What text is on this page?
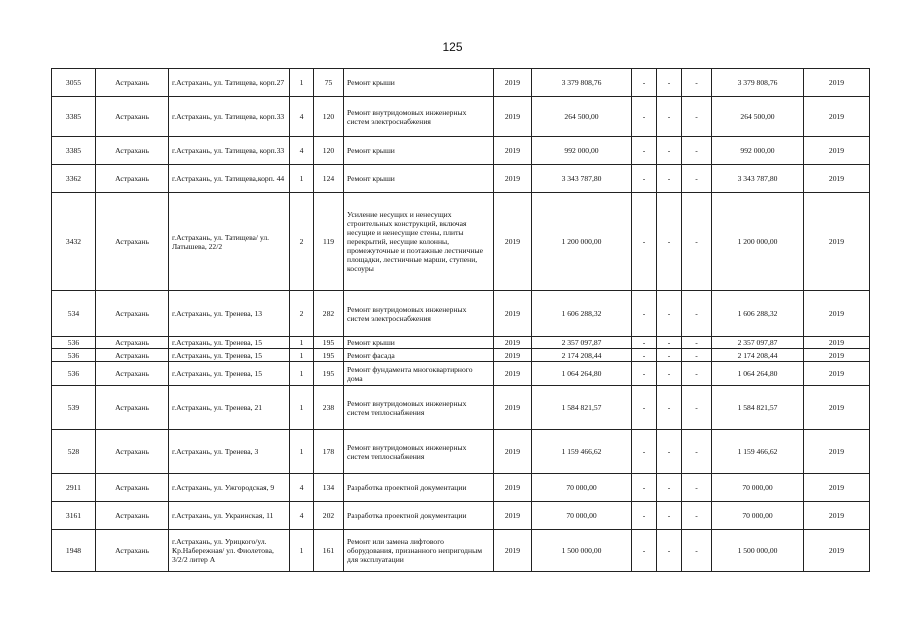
125
3055	Астрахань	г.Астрахань, ул. Татищева, корп.27	1	75	Ремонт крыши	2019	3 379 808,76	-	-	-	3 379 808,76	2019
3385	Астрахань	г.Астрахань, ул. Татищева, корп.33	4	120	Ремонт внутридомовых инженерных систем электроснабжения	2019	264 500,00	-	-	-	264 500,00	2019
3385	Астрахань	г.Астрахань, ул. Татищева, корп.33	4	120	Ремонт крыши	2019	992 000,00	-	-	-	992 000,00	2019
3362	Астрахань	г.Астрахань, ул. Татищева,корп. 44	1	124	Ремонт крыши	2019	3 343 787,80	-	-	-	3 343 787,80	2019
3432	Астрахань	г.Астрахань, ул. Татищева/ ул. Латышева, 22/2	2	119	Усиление несущих и ненесущих строительных конструкций, включая несущие и ненесущие стены, плиты перекрытий, несущие колонны, промежуточные и поэтажные лестничные площадки, лестничные марши, ступени, косоуры	2019	1 200 000,00	-	-	-	1 200 000,00	2019
534	Астрахань	г.Астрахань, ул. Тренева, 13	2	282	Ремонт внутридомовых инженерных систем электроснабжения	2019	1 606 288,32	-	-	-	1 606 288,32	2019
536	Астрахань	г.Астрахань, ул. Тренева, 15	1	195	Ремонт крыши	2019	2 357 097,87	-	-	-	2 357 097,87	2019
536	Астрахань	г.Астрахань, ул. Тренева, 15	1	195	Ремонт фасада	2019	2 174 208,44	-	-	-	2 174 208,44	2019
536	Астрахань	г.Астрахань, ул. Тренева, 15	1	195	Ремонт фундамента многоквартирного дома	2019	1 064 264,80	-	-	-	1 064 264,80	2019
539	Астрахань	г.Астрахань, ул. Тренева, 21	1	238	Ремонт внутридомовых инженерных систем теплоснабжения	2019	1 584 821,57	-	-	-	1 584 821,57	2019
528	Астрахань	г.Астрахань, ул. Тренева, 3	1	178	Ремонт внутридомовых инженерных систем теплоснабжения	2019	1 159 466,62	-	-	-	1 159 466,62	2019
2911	Астрахань	г.Астрахань, ул. Ужгородская, 9	4	134	Разработка проектной документации	2019	70 000,00	-	-	-	70 000,00	2019
3161	Астрахань	г.Астрахань, ул. Украинская, 11	4	202	Разработка проектной документации	2019	70 000,00	-	-	-	70 000,00	2019
1948	Астрахань	г.Астрахань, ул. Урицкого/ул. Кр.Набережная/ ул. Фиолетова, 3/2/2 литер А	1	161	Ремонт или замена лифтового оборудования, признанного непригодным для эксплуатации	2019	1 500 000,00	-	-	-	1 500 000,00	2019
